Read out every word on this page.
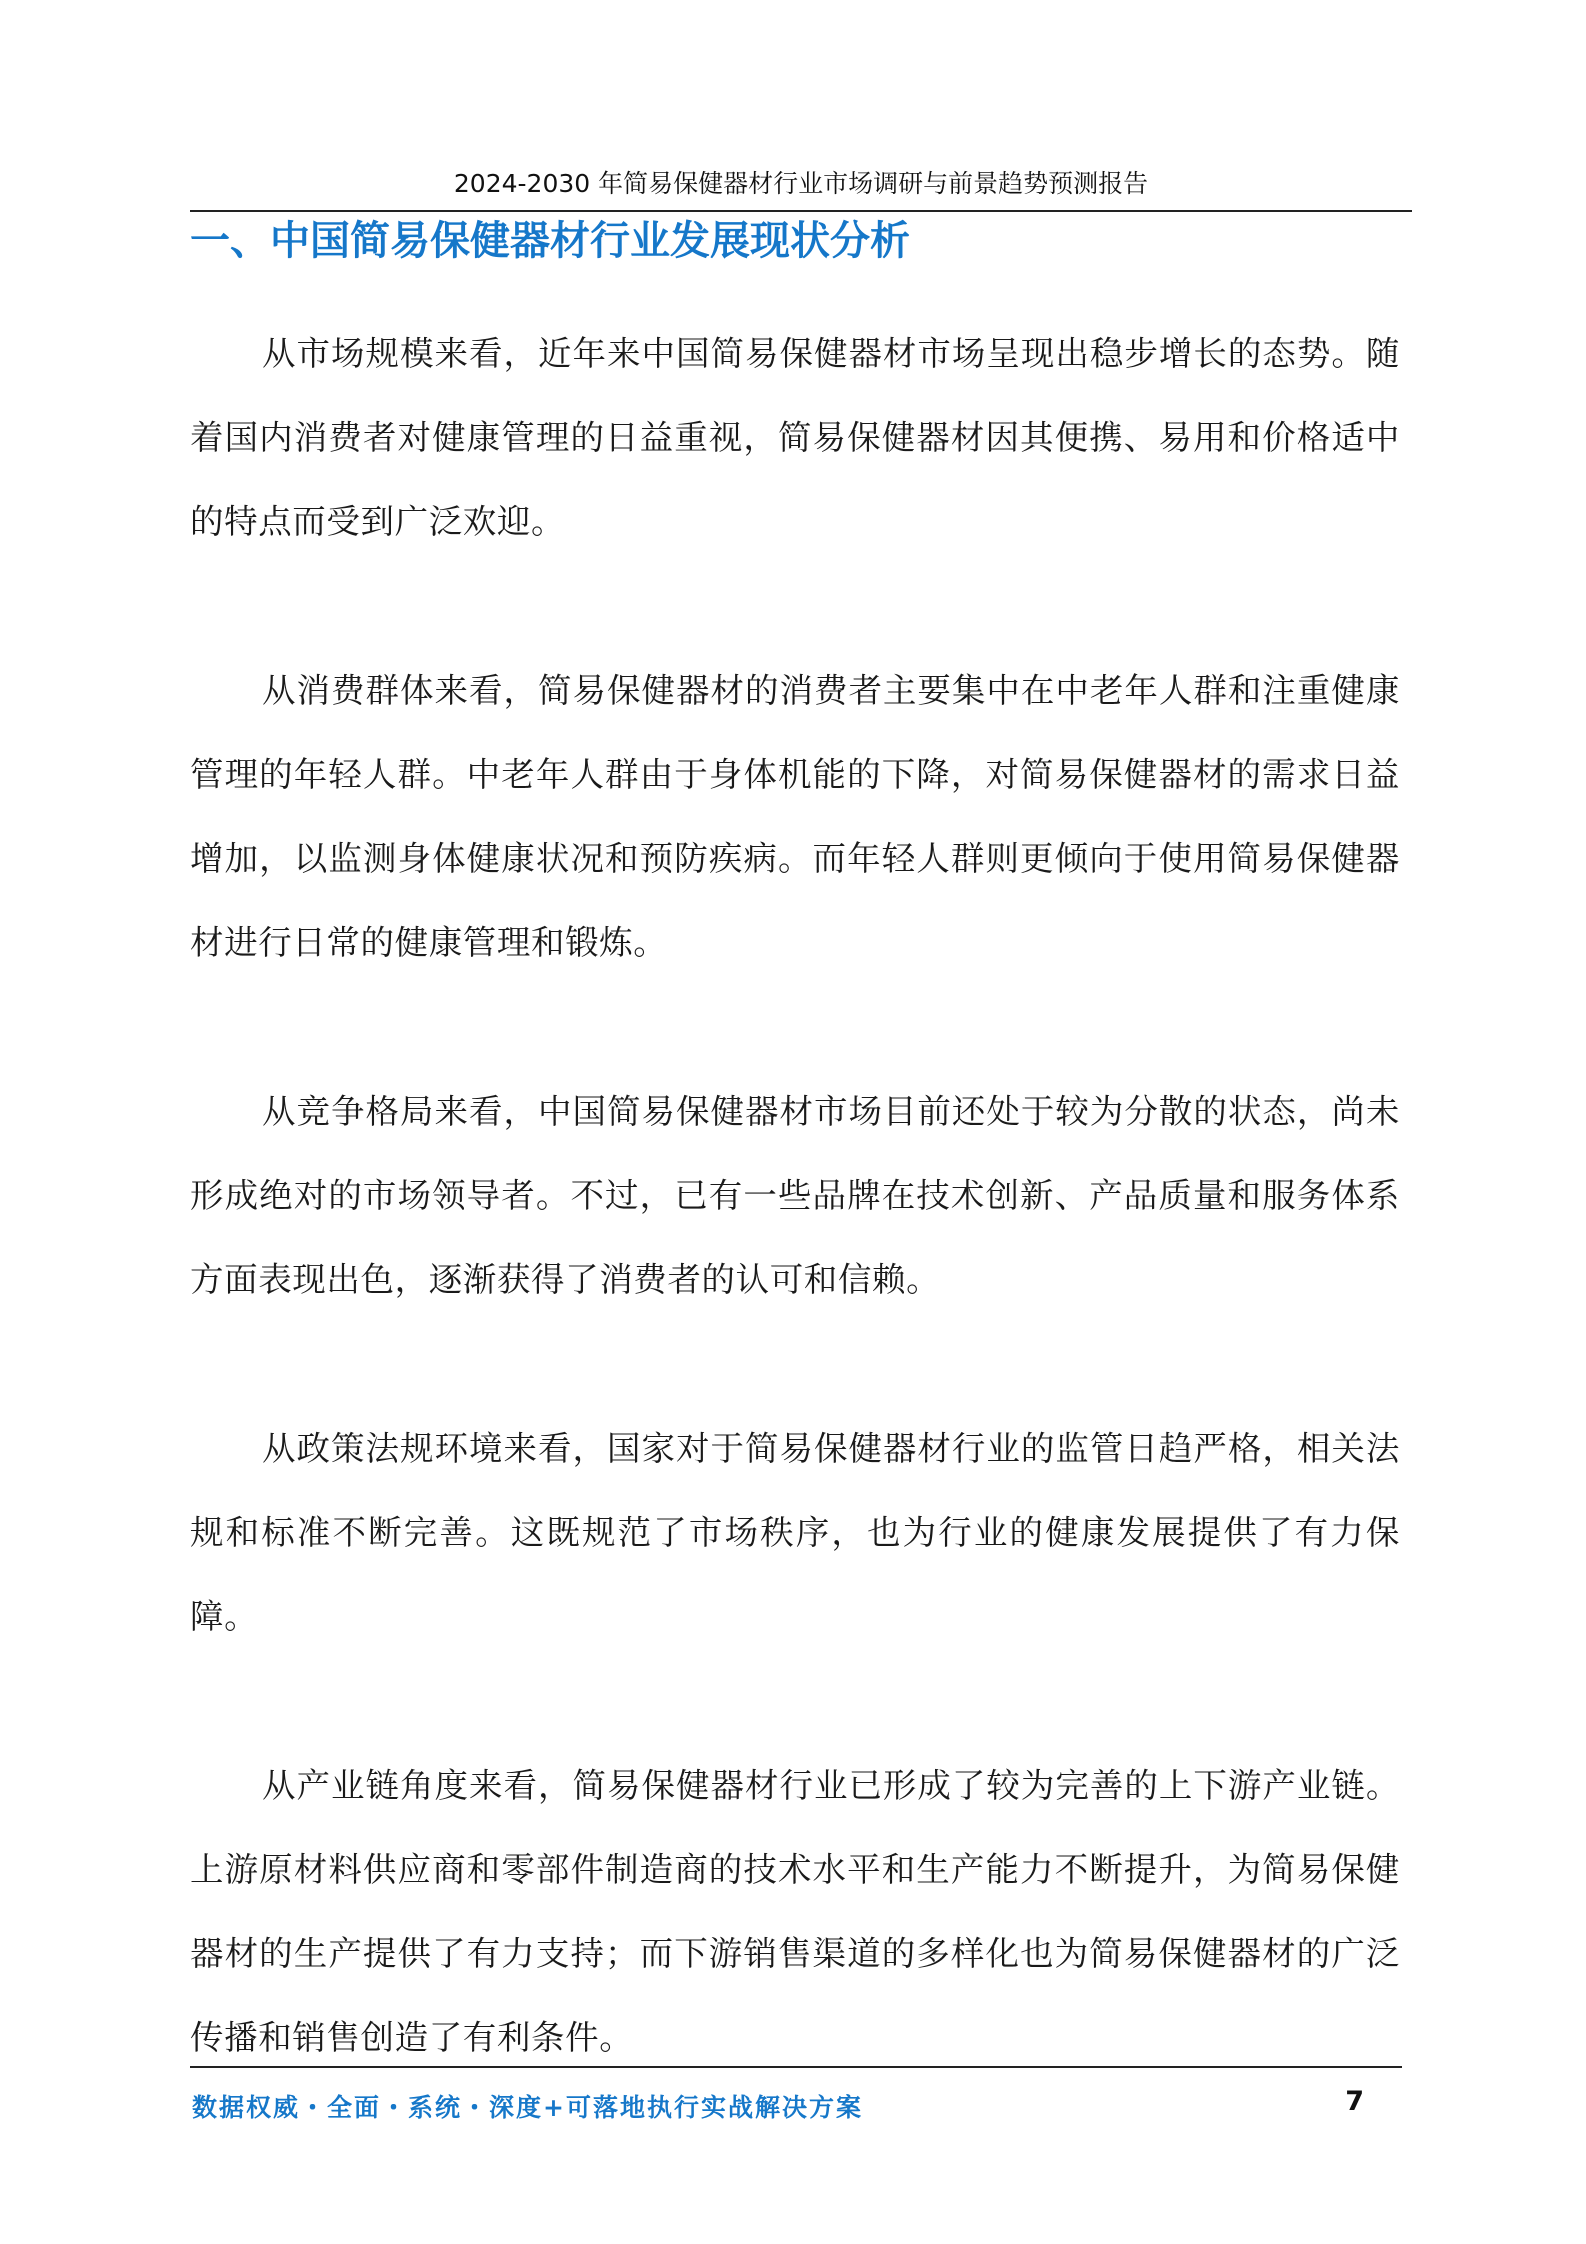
2024-2030 年简易保健器材行业市场调研与前景趋势预测报告
一、中国简易保健器材行业发展现状分析

从市场规模来看，近年来中国简易保健器材市场呈现出稳步增长的态势。随着国内消费者对健康管理的日益重视，简易保健器材因其便携、易用和价格适中的特点而受到广泛欢迎。

从消费群体来看，简易保健器材的消费者主要集中在中老年人群和注重健康管理的年轻人群。中老年人群由于身体机能的下降，对简易保健器材的需求日益增加，以监测身体健康状况和预防疾病。而年轻人群则更倾向于使用简易保健器材进行日常的健康管理和锻炼。

从竞争格局来看，中国简易保健器材市场目前还处于较为分散的状态，尚未形成绝对的市场领导者。不过，已有一些品牌在技术创新、产品质量和服务体系方面表现出色，逐渐获得了消费者的认可和信赖。

从政策法规环境来看，国家对于简易保健器材行业的监管日趋严格，相关法规和标准不断完善。这既规范了市场秩序，也为行业的健康发展提供了有力保障。

从产业链角度来看，简易保健器材行业已形成了较为完善的上下游产业链。上游原材料供应商和零部件制造商的技术水平和生产能力不断提升，为简易保健器材的生产提供了有力支持；而下游销售渠道的多样化也为简易保健器材的广泛传播和销售创造了有利条件。

数据权威・全面・系统・深度+可落地执行实战解决方案	7
